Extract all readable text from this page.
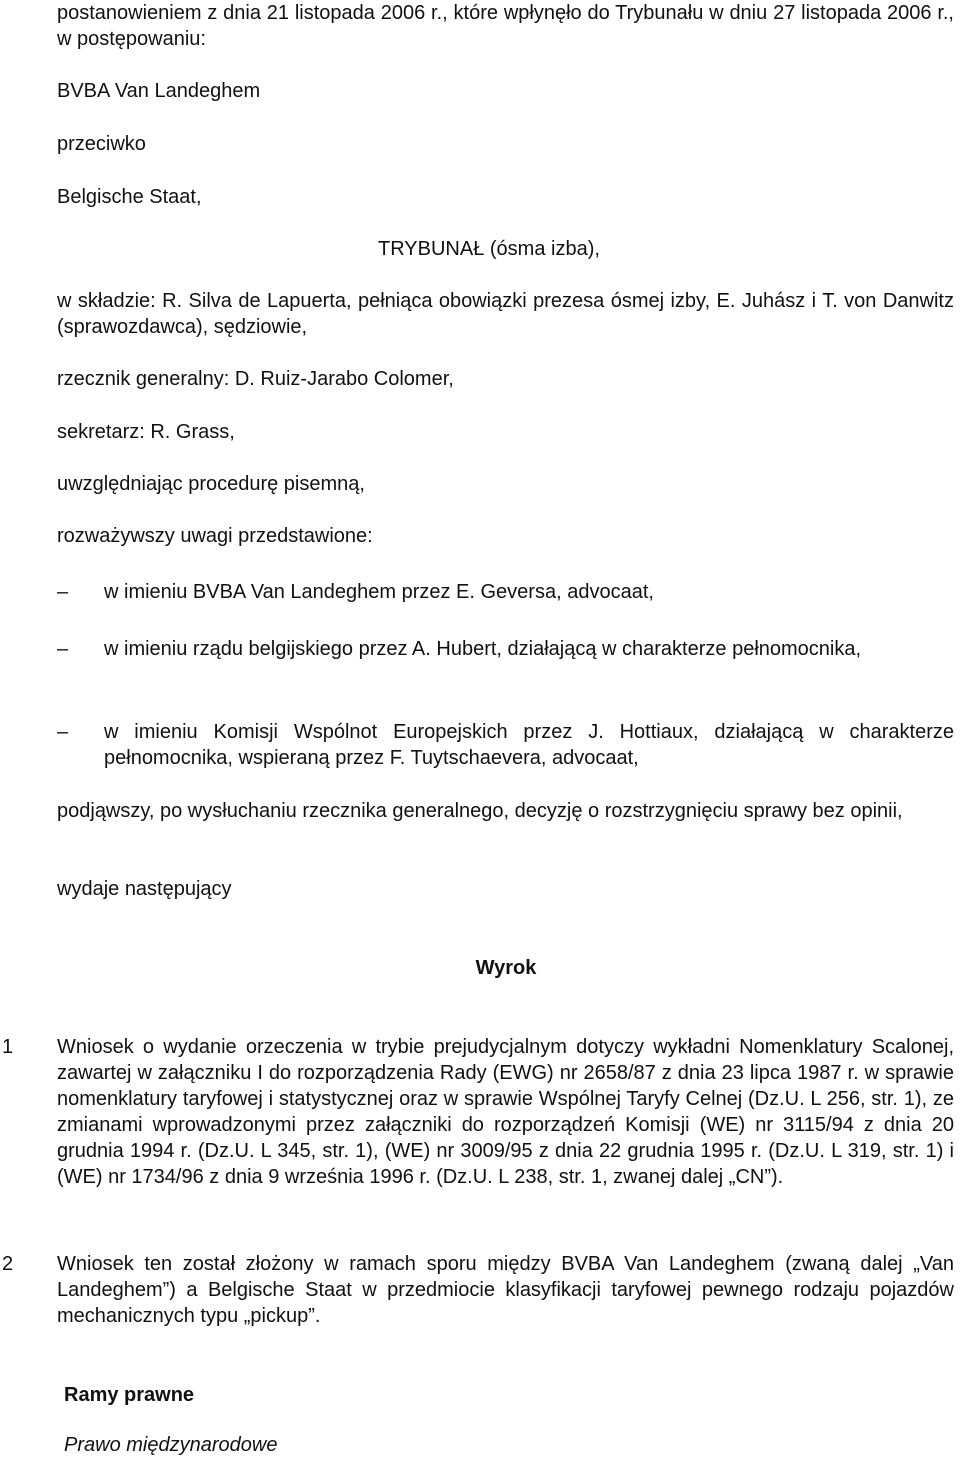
postanowieniem z dnia 21 listopada 2006 r., które wpłynęło do Trybunału w dniu 27 listopada 2006 r., w postępowaniu:

BVBA Van Landeghem

przeciwko

Belgische Staat,

TRYBUNAŁ (ósma izba),

w składzie: R. Silva de Lapuerta, pełniąca obowiązki prezesa ósmej izby, E. Juhász i T. von Danwitz (sprawozdawca), sędziowie,

rzecznik generalny: D. Ruiz-Jarabo Colomer,

sekretarz: R. Grass,

uwzględniając procedurę pisemną,

rozważywszy uwagi przedstawione:

– w imieniu BVBA Van Landeghem przez E. Geversa, advocaat,

– w imieniu rządu belgijskiego przez A. Hubert, działającą w charakterze pełnomocnika,

– w imieniu Komisji Wspólnot Europejskich przez J. Hottiaux, działającą w charakterze pełnomocnika, wspieraną przez F. Tuytschaevera, advocaat,

podjąwszy, po wysłuchaniu rzecznika generalnego, decyzję o rozstrzygnięciu sprawy bez opinii,

wydaje następujący

Wyrok

1 Wniosek o wydanie orzeczenia w trybie prejudycjalnym dotyczy wykładni Nomenklatury Scalonej, zawartej w załączniku I do rozporządzenia Rady (EWG) nr 2658/87 z dnia 23 lipca 1987 r. w sprawie nomenklatury taryfowej i statystycznej oraz w sprawie Wspólnej Taryfy Celnej (Dz.U. L 256, str. 1), ze zmianami wprowadzonymi przez załączniki do rozporządzeń Komisji (WE) nr 3115/94 z dnia 20 grudnia 1994 r. (Dz.U. L 345, str. 1), (WE) nr 3009/95 z dnia 22 grudnia 1995 r. (Dz.U. L 319, str. 1) i (WE) nr 1734/96 z dnia 9 września 1996 r. (Dz.U. L 238, str. 1, zwanej dalej „CN”).

2 Wniosek ten został złożony w ramach sporu między BVBA Van Landeghem (zwaną dalej „Van Landeghem”) a Belgische Staat w przedmiocie klasyfikacji taryfowej pewnego rodzaju pojazdów mechanicznych typu „pickup”.

Ramy prawne

Prawo międzynarodowe
